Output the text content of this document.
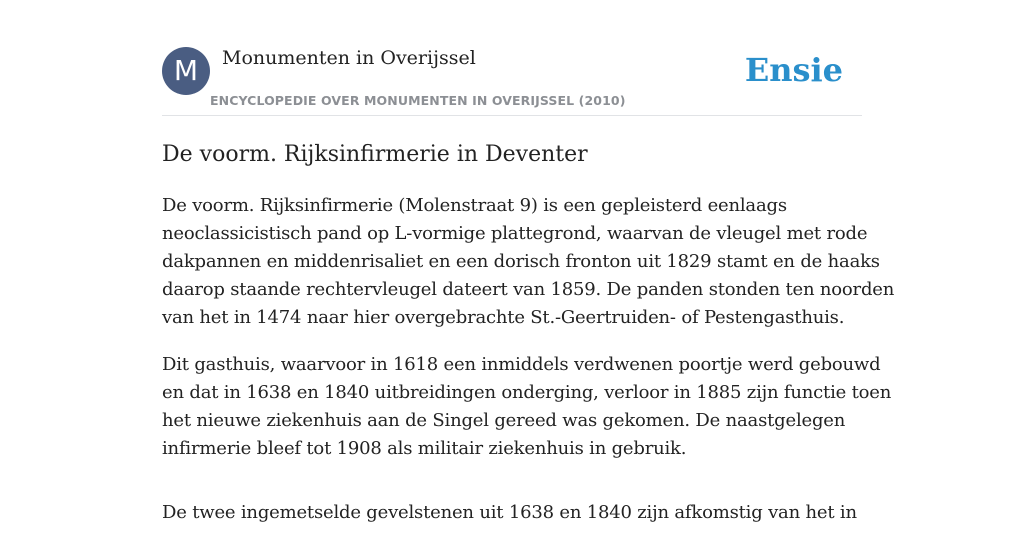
M	Monumenten in Overijssel
ENCYCLOPEDIE OVER MONUMENTEN IN OVERIJSSEL (2010)
Ensie
De voorm. Rijksinfirmerie in Deventer

De voorm. Rijksinfirmerie (Molenstraat 9) is een gepleisterd eenlaags
neoclassicistisch pand op L-vormige plattegrond, waarvan de vleugel met rode
dakpannen en middenrisaliet en een dorisch fronton uit 1829 stamt en de haaks
daarop staande rechtervleugel dateert van 1859. De panden stonden ten noorden
van het in 1474 naar hier overgebrachte St.-Geertruiden- of Pestengasthuis.

Dit gasthuis, waarvoor in 1618 een inmiddels verdwenen poortje werd gebouwd
en dat in 1638 en 1840 uitbreidingen onderging, verloor in 1885 zijn functie toen
het nieuwe ziekenhuis aan de Singel gereed was gekomen. De naastgelegen
infirmerie bleef tot 1908 als militair ziekenhuis in gebruik.

De twee ingemetselde gevelstenen uit 1638 en 1840 zijn afkomstig van het in
